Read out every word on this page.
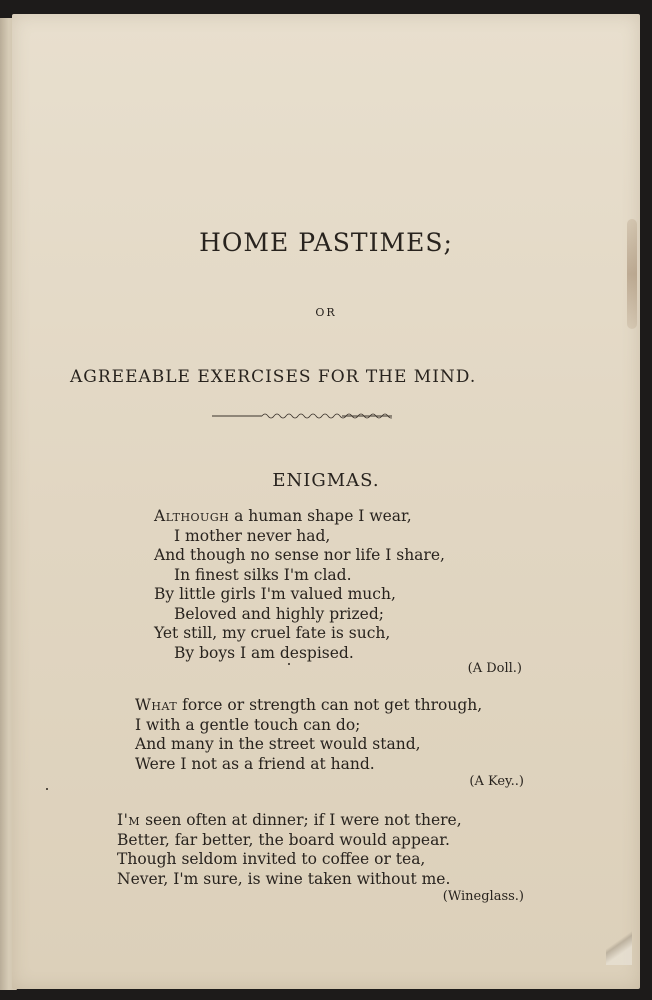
HOME PASTIMES;
OR
AGREEABLE EXERCISES FOR THE MIND.
ENIGMAS.
Although a human shape I wear,
I mother never had,
And though no sense nor life I share,
In finest silks I'm clad.
By little girls I'm valued much,
Beloved and highly prized;
Yet still, my cruel fate is such,
By boys I am despised.
(A Doll.)
What force or strength can not get through,
I with a gentle touch can do;
And many in the street would stand,
Were I not as a friend at hand.
(A Key..)
I'm seen often at dinner; if I were not there,
Better, far better, the board would appear.
Though seldom invited to coffee or tea,
Never, I'm sure, is wine taken without me.
(Wineglass.)
